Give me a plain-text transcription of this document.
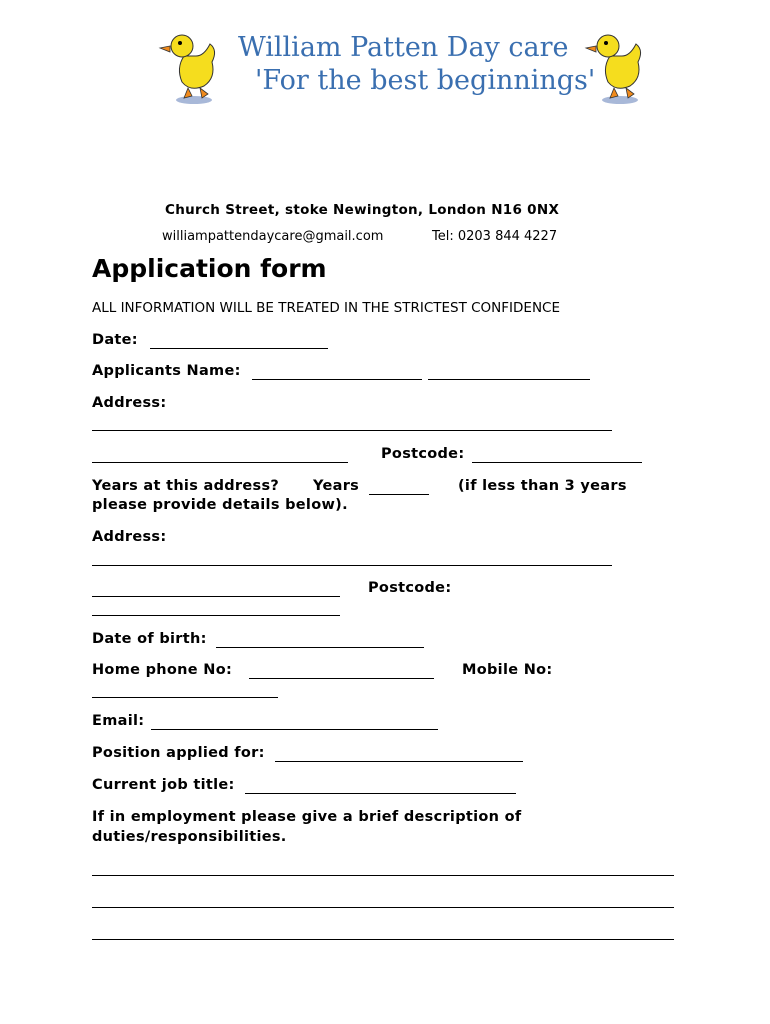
William Patten Day care
'For the best beginnings'
Church Street, stoke Newington, London N16 0NX
williampattendaycare@gmail.com	Tel: 0203 844 4227
Application form
ALL INFORMATION WILL BE TREATED IN THE STRICTEST CONFIDENCE
Date:
Applicants Name:
Address:
Postcode:
Years at this address? Years	(if less than 3 years
please provide details below).
Address:
Postcode:
Date of birth:
Home phone No:	Mobile No:
Email:
Position applied for:
Current job title:
If in employment please give a brief description of
duties/responsibilities.
